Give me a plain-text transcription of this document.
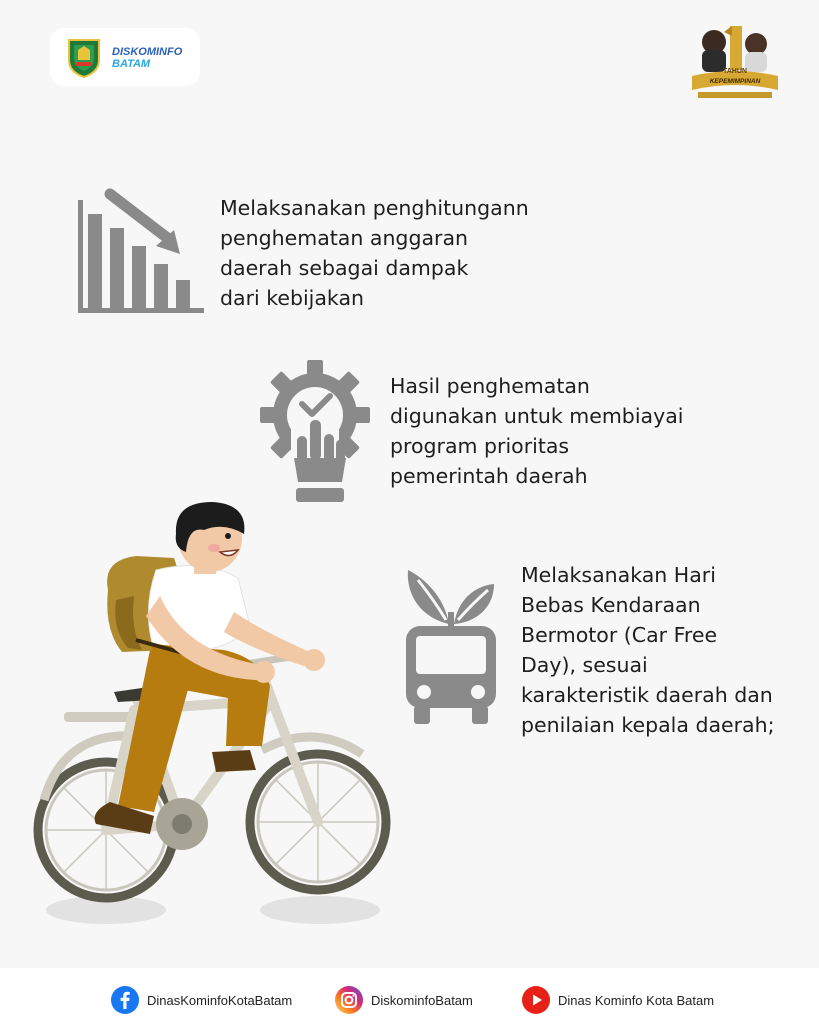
DISKOMINFO
BATAM
TAHUN
KEPEMIMPINAN
Melaksanakan penghitungann
penghematan anggaran
daerah sebagai dampak
dari kebijakan
Hasil penghematan
digunakan untuk membiayai
program prioritas
pemerintah daerah
Melaksanakan Hari
Bebas Kendaraan
Bermotor (Car Free
Day), sesuai
karakteristik daerah dan
penilaian kepala daerah;
DinasKominfoKotaBatam	DiskominfoBatam	Dinas Kominfo Kota Batam
